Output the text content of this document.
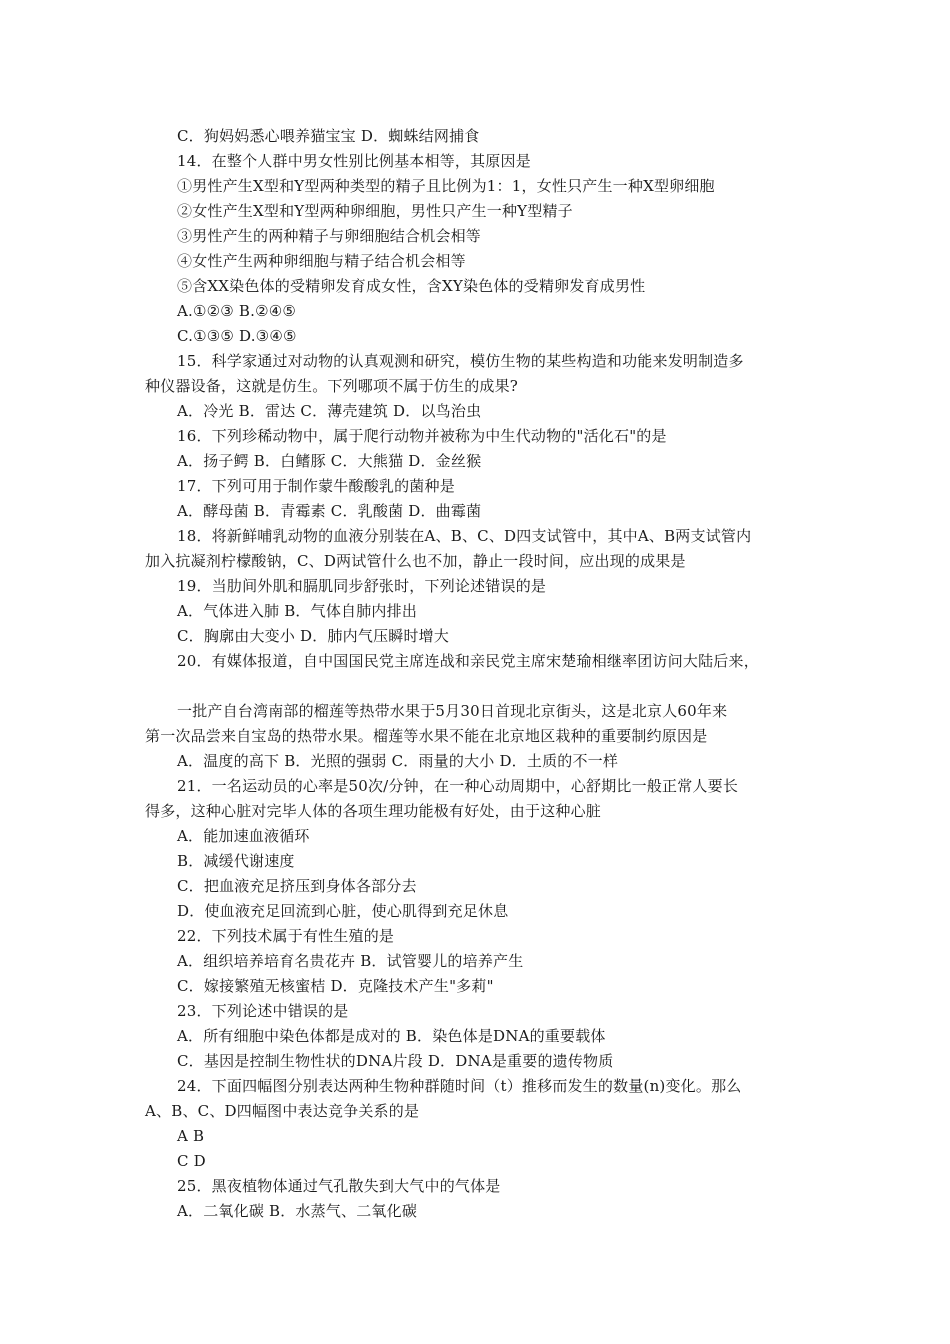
C．狗妈妈悉心喂养猫宝宝 D．蜘蛛结网捕食
14．在整个人群中男女性别比例基本相等，其原因是
①男性产生X型和Y型两种类型的精子且比例为1：1，女性只产生一种X型卵细胞
②女性产生X型和Y型两种卵细胞，男性只产生一种Y型精子
③男性产生的两种精子与卵细胞结合机会相等
④女性产生两种卵细胞与精子结合机会相等
⑤含XX染色体的受精卵发育成女性，含XY染色体的受精卵发育成男性
A.①②③ B.②④⑤
C.①③⑤ D.③④⑤
15．科学家通过对动物的认真观测和研究，模仿生物的某些构造和功能来发明制造多
种仪器设备，这就是仿生。下列哪项不属于仿生的成果?
A．冷光 B．雷达 C．薄壳建筑 D．以鸟治虫
16．下列珍稀动物中，属于爬行动物并被称为中生代动物的"活化石"的是
A．扬子鳄 B．白鳍豚 C．大熊猫 D．金丝猴
17．下列可用于制作蒙牛酸酸乳的菌种是
A．酵母菌 B．青霉素 C．乳酸菌 D．曲霉菌
18．将新鲜哺乳动物的血液分别装在A、B、C、D四支试管中，其中A、B两支试管内
加入抗凝剂柠檬酸钠，C、D两试管什么也不加，静止一段时间，应出现的成果是
19．当肋间外肌和膈肌同步舒张时，下列论述错误的是
A．气体进入肺 B．气体自肺内排出
C．胸廓由大变小 D．肺内气压瞬时增大
20．有媒体报道，自中国国民党主席连战和亲民党主席宋楚瑜相继率团访问大陆后来，
一批产自台湾南部的榴莲等热带水果于5月30日首现北京街头，这是北京人60年来
第一次品尝来自宝岛的热带水果。榴莲等水果不能在北京地区栽种的重要制约原因是
A．温度的高下 B．光照的强弱 C．雨量的大小 D．土质的不一样
21．一名运动员的心率是50次/分钟，在一种心动周期中，心舒期比一般正常人要长
得多，这种心脏对完毕人体的各项生理功能极有好处，由于这种心脏
A．能加速血液循环
B．减缓代谢速度
C．把血液充足挤压到身体各部分去
D．使血液充足回流到心脏，使心肌得到充足休息
22．下列技术属于有性生殖的是
A．组织培养培育名贵花卉 B．试管婴儿的培养产生
C．嫁接繁殖无核蜜桔 D．克隆技术产生"多莉"
23．下列论述中错误的是
A．所有细胞中染色体都是成对的 B．染色体是DNA的重要载体
C．基因是控制生物性状的DNA片段 D．DNA是重要的遗传物质
24．下面四幅图分别表达两种生物种群随时间（t）推移而发生的数量(n)变化。那么
A、B、C、D四幅图中表达竞争关系的是
A B
C D
25．黑夜植物体通过气孔散失到大气中的气体是
A．二氧化碳 B．水蒸气、二氧化碳
